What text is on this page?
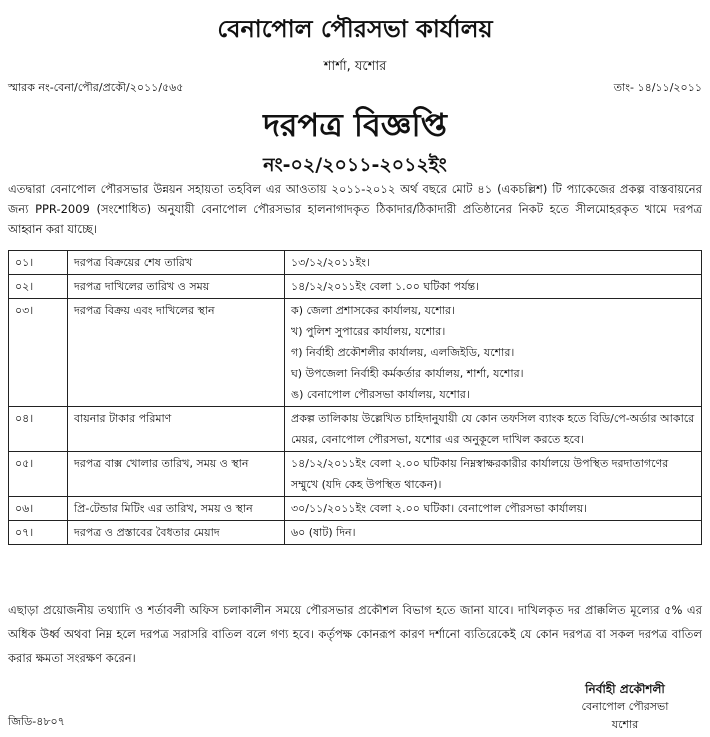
বেনাপোল পৌরসভা কার্যালয়
শার্শা, যশোর
স্মারক নং-বেনা/পৌর/প্রকৌ/২০১১/৫৬৫	তাং- ১৪/১১/২০১১
দরপত্র বিজ্ঞপ্তি
নং-০২/২০১১-২০১২ইং
এতদ্বারা বেনাপোল পৌরসভার উন্নয়ন সহায়তা তহবিল এর আওতায় ২০১১-২০১২ অর্থ বছরে মোট ৪১ (একচল্লিশ) টি প্যাকেজের প্রকল্প বাস্তবায়নের জন্য PPR-2009 (সংশোধিত) অনুযায়ী বেনাপোল পৌরসভার হালনাগাদকৃত ঠিকাদার/ঠিকাদারী প্রতিষ্ঠানের নিকট হতে সীলমোহরকৃত খামে দরপত্র আহ্বান করা যাচ্ছে।
০১।	দরপত্র বিক্রয়ের শেষ তারিখ	১৩/১২/২০১১ইং।
০২।	দরপত্র দাখিলের তারিখ ও সময়	১৪/১২/২০১১ইং বেলা ১.০০ ঘটিকা পর্যন্ত।
০৩।	দরপত্র বিক্রয় এবং দাখিলের স্থান	ক) জেলা প্রশাসকের কার্যালয়, যশোর।
খ) পুলিশ সুপারের কার্যালয়, যশোর।
গ) নির্বাহী প্রকৌশলীর কার্যালয়, এলজিইডি, যশোর।
ঘ) উপজেলা নির্বাহী কর্মকর্তার কার্যালয়, শার্শা, যশোর।
ঙ) বেনাপোল পৌরসভা কার্যালয়, যশোর।

০৪।	বায়নার টাকার পরিমাণ	প্রকল্প তালিকায় উল্লেখিত চাহিদানুযায়ী যে কোন তফসিল ব্যাংক হতে বিডি/পে-অর্ডার আকারে মেয়র, বেনাপোল পৌরসভা, যশোর এর অনুকূলে দাখিল করতে হবে।
০৫।	দরপত্র বাক্স খোলার তারিখ, সময় ও স্থান	১৪/১২/২০১১ইং বেলা ২.০০ ঘটিকায় নিম্নস্বাক্ষরকারীর কার্যালয়ে উপস্থিত দরদাতাগণের সম্মুখে (যদি কেহ উপস্থিত থাকেন)।
০৬।	প্রি-টেন্ডার মিটিং এর তারিখ, সময় ও স্থান	৩০/১১/২০১১ইং বেলা ২.০০ ঘটিকা। বেনাপোল পৌরসভা কার্যালয়।
০৭।	দরপত্র ও প্রস্তাবের বৈধতার মেয়াদ	৬০ (ষাট) দিন।
এছাড়া প্রয়োজনীয় তথ্যাদি ও শর্তাবলী অফিস চলাকালীন সময়ে পৌরসভার প্রকৌশল বিভাগ হতে জানা যাবে। দাখিলকৃত দর প্রাক্কলিত মূল্যের ৫% এর অধিক উর্ধ্ব অথবা নিম্ন হলে দরপত্র সরাসরি বাতিল বলে গণ্য হবে। কর্তৃপক্ষ কোনরূপ কারণ দর্শানো ব্যতিরেকেই যে কোন দরপত্র বা সকল দরপত্র বাতিল করার ক্ষমতা সংরক্ষণ করেন।
নির্বাহী প্রকৌশলী
বেনাপোল পৌরসভা
যশোর
জিডি-৪৮০৭
